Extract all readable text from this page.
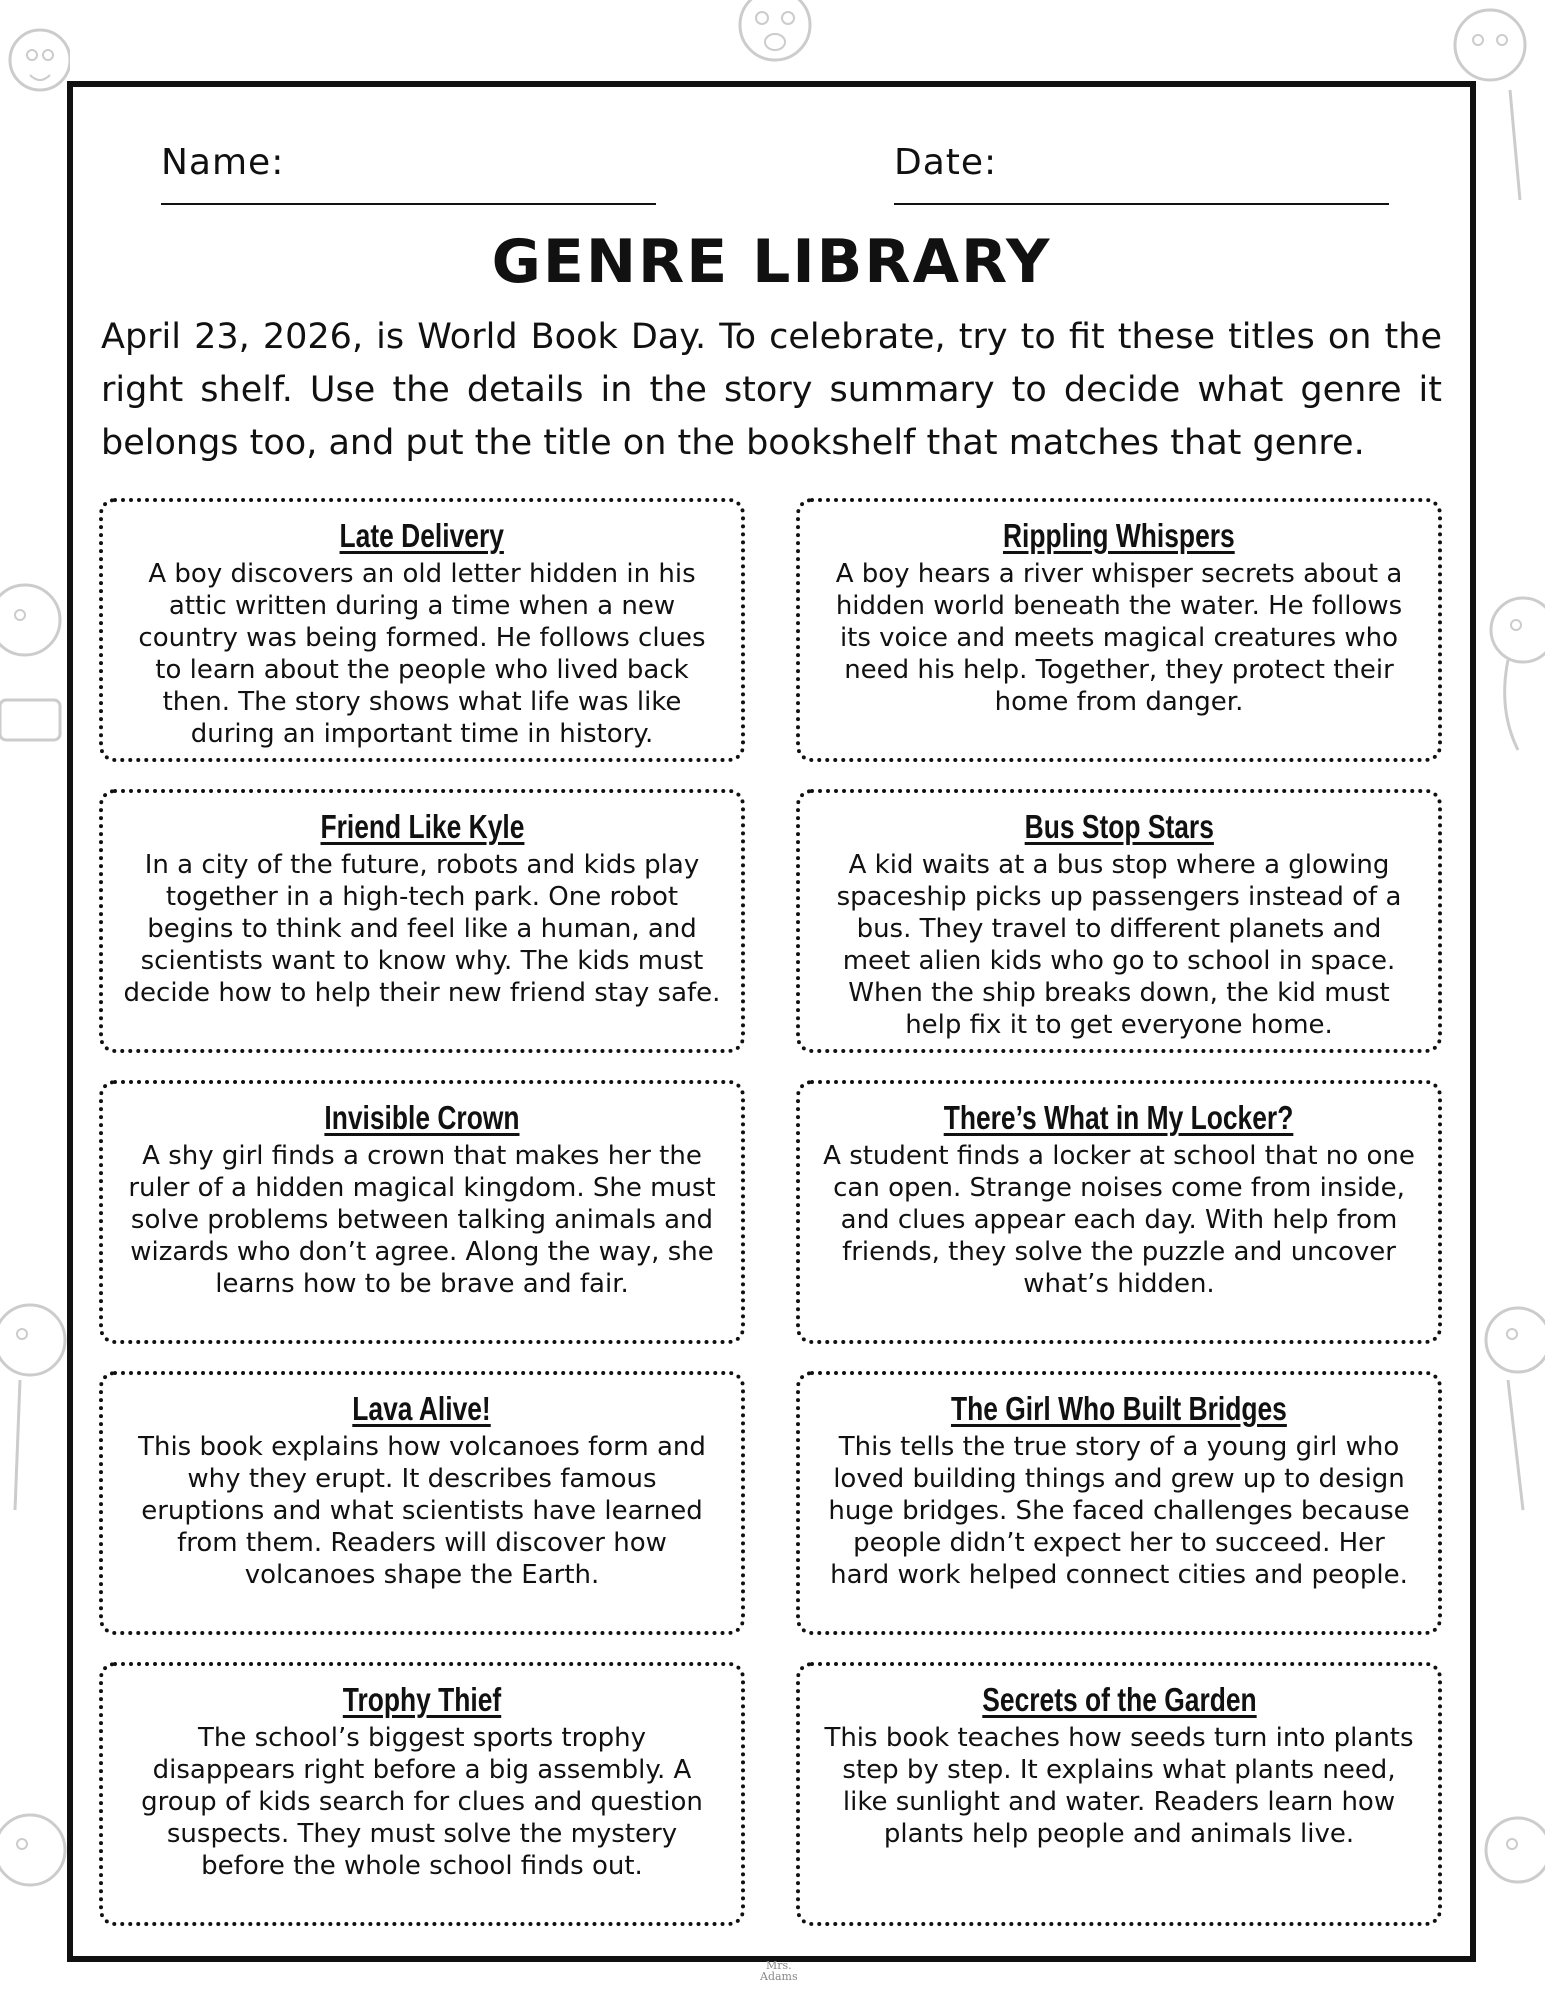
Name:	Date:
GENRE LIBRARY
April 23, 2026, is World Book Day. To celebrate, try to fit these titles on the right shelf. Use the details in the story summary to decide what genre it belongs too, and put the title on the bookshelf that matches that genre.
Late Delivery
A boy discovers an old letter hidden in his attic written during a time when a new country was being formed. He follows clues to learn about the people who lived back then. The story shows what life was like during an important time in history.
Rippling Whispers
A boy hears a river whisper secrets about a hidden world beneath the water. He follows its voice and meets magical creatures who need his help. Together, they protect their home from danger.
Friend Like Kyle
In a city of the future, robots and kids play together in a high-tech park. One robot begins to think and feel like a human, and scientists want to know why. The kids must decide how to help their new friend stay safe.
Bus Stop Stars
A kid waits at a bus stop where a glowing spaceship picks up passengers instead of a bus. They travel to different planets and meet alien kids who go to school in space. When the ship breaks down, the kid must help fix it to get everyone home.
Invisible Crown
A shy girl finds a crown that makes her the ruler of a hidden magical kingdom. She must solve problems between talking animals and wizards who don’t agree. Along the way, she learns how to be brave and fair.
There’s What in My Locker?
A student finds a locker at school that no one can open. Strange noises come from inside, and clues appear each day. With help from friends, they solve the puzzle and uncover what’s hidden.
Lava Alive!
This book explains how volcanoes form and why they erupt. It describes famous eruptions and what scientists have learned from them. Readers will discover how volcanoes shape the Earth.
The Girl Who Built Bridges
This tells the true story of a young girl who loved building things and grew up to design huge bridges. She faced challenges because people didn’t expect her to succeed. Her hard work helped connect cities and people.
Trophy Thief
The school’s biggest sports trophy disappears right before a big assembly. A group of kids search for clues and question suspects. They must solve the mystery before the whole school finds out.
Secrets of the Garden
This book teaches how seeds turn into plants step by step. It explains what plants need, like sunlight and water. Readers learn how plants help people and animals live.
Mrs.
Adams
